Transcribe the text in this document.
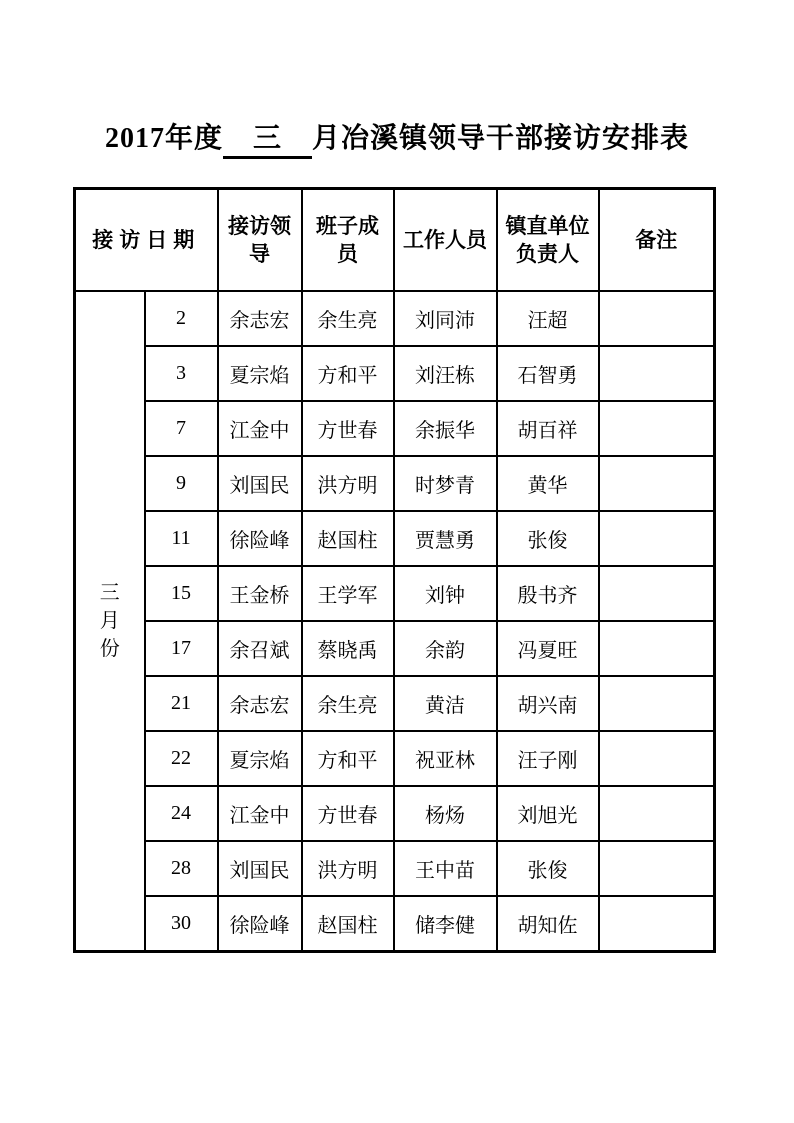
2017年度 三 月冶溪镇领导干部接访安排表
接访日期		接访领导	班子成员	工作人员	镇直单位负责人	备注

三月份	2	余志宏	余生亮	刘同沛	汪超	
	3	夏宗焰	方和平	刘汪栋	石智勇	
	7	江金中	方世春	余振华	胡百祥	
	9	刘国民	洪方明	时梦青	黄华	
	11	徐险峰	赵国柱	贾慧勇	张俊	
	15	王金桥	王学军	刘钟	殷书齐	
	17	余召斌	蔡晓禹	余韵	冯夏旺	
	21	余志宏	余生亮	黄洁	胡兴南	
	22	夏宗焰	方和平	祝亚林	汪子刚	
	24	江金中	方世春	杨炀	刘旭光	
	28	刘国民	洪方明	王中苗	张俊	
	30	徐险峰	赵国柱	储李健	胡知佐	
